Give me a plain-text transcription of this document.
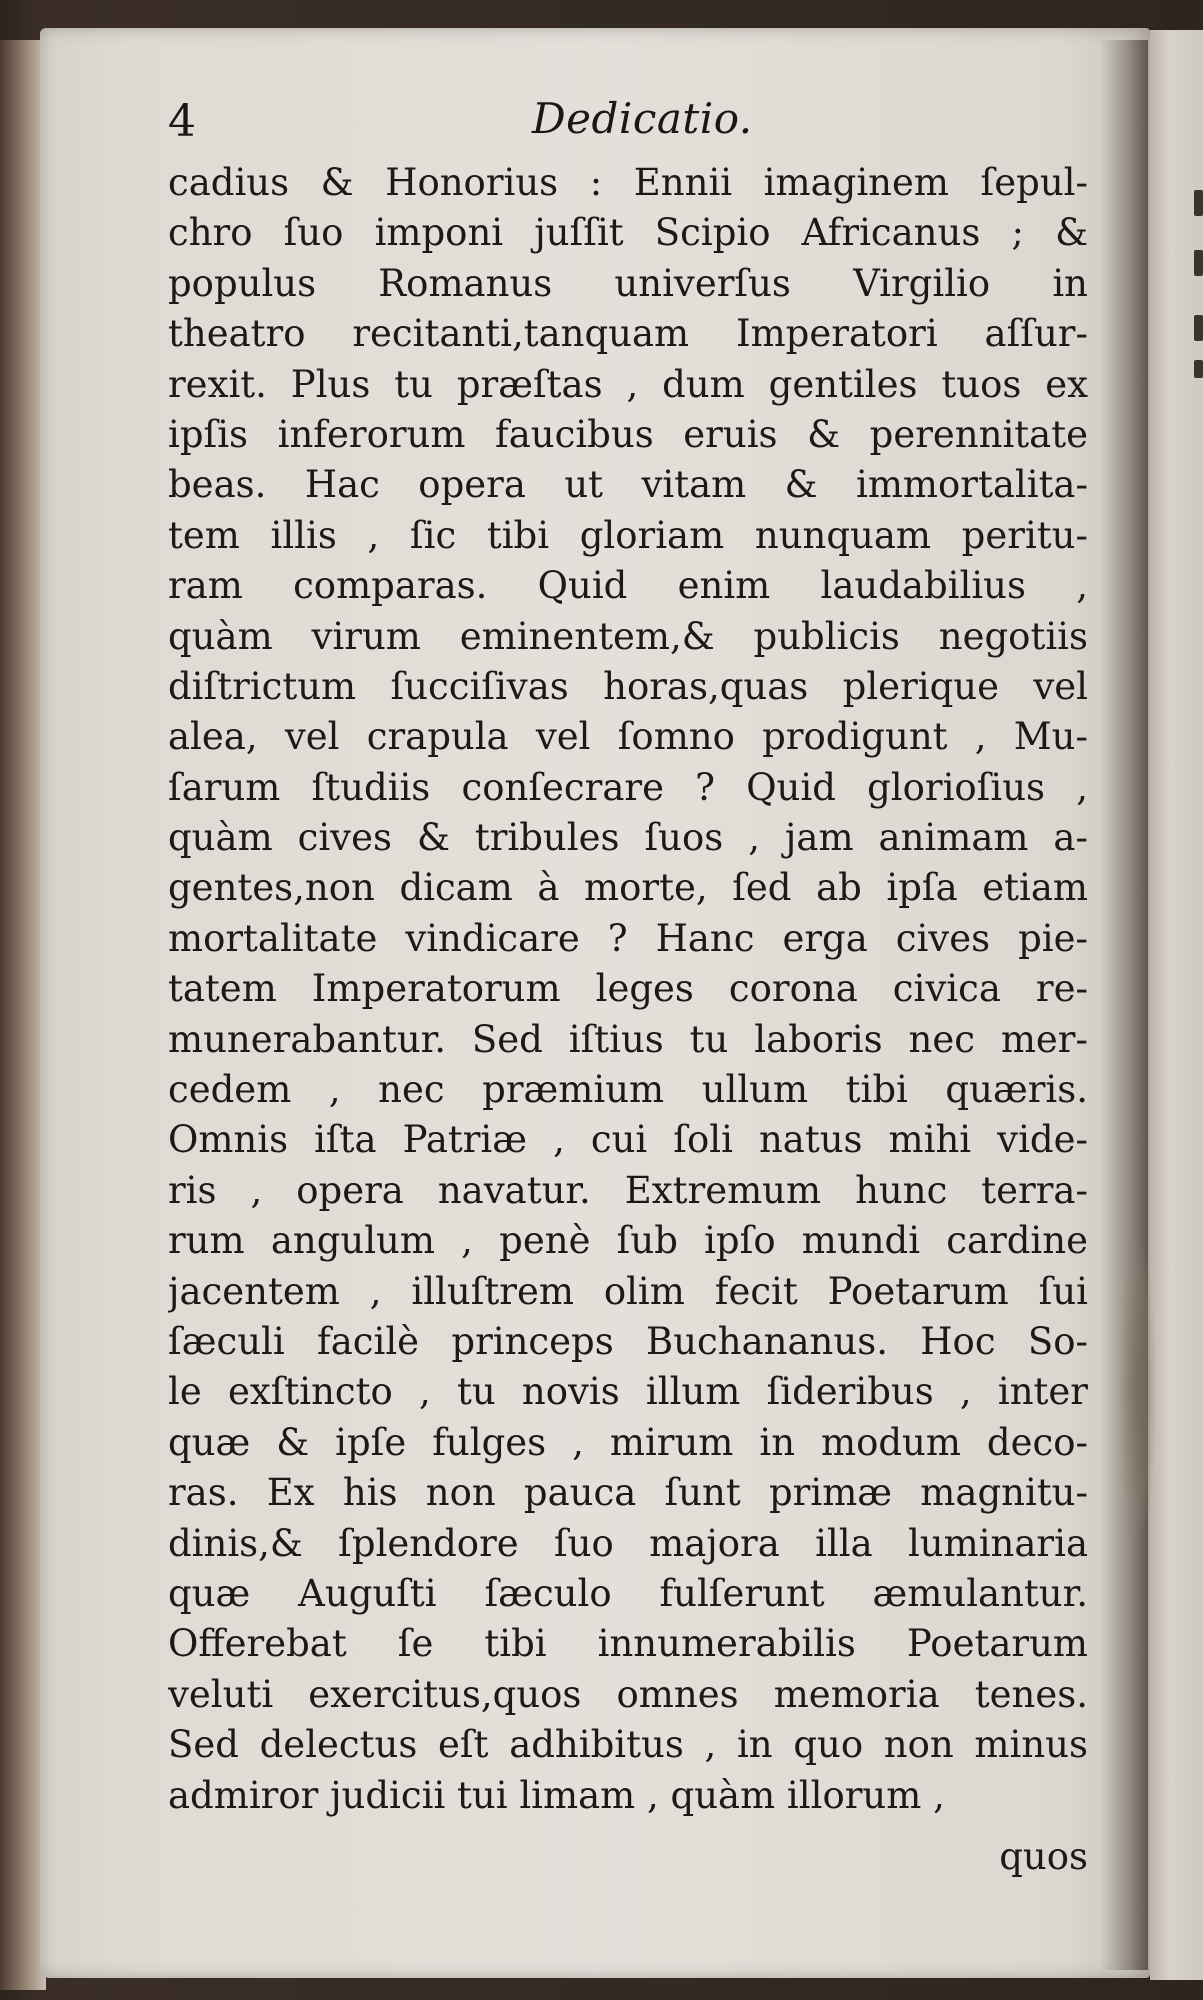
4	Dedicatio.
cadius & Honorius : Ennii imaginem ſepul-
chro ſuo imponi juſſit Scipio Africanus ; &
populus Romanus univerſus Virgilio in
theatro recitanti,tanquam Imperatori aſſur-
rexit. Plus tu præſtas , dum gentiles tuos ex
ipſis inferorum faucibus eruis & perennitate
beas. Hac opera ut vitam & immortalita-
tem illis , ſic tibi gloriam nunquam peritu-
ram comparas. Quid enim laudabilius ,
quàm virum eminentem,& publicis negotiis
diſtrictum ſucciſivas horas,quas plerique vel
alea, vel crapula vel ſomno prodigunt , Mu-
ſarum ſtudiis conſecrare ? Quid glorioſius ,
quàm cives & tribules ſuos , jam animam a-
gentes,non dicam à morte, ſed ab ipſa etiam
mortalitate vindicare ? Hanc erga cives pie-
tatem Imperatorum leges corona civica re-
munerabantur. Sed iſtius tu laboris nec mer-
cedem , nec præmium ullum tibi quæris.
Omnis iſta Patriæ , cui ſoli natus mihi vide-
ris , opera navatur. Extremum hunc terra-
rum angulum , penè ſub ipſo mundi cardine
jacentem , illuſtrem olim fecit Poetarum ſui
ſæculi facilè princeps Buchananus. Hoc So-
le exſtincto , tu novis illum ſideribus , inter
quæ & ipſe fulges , mirum in modum deco-
ras. Ex his non pauca ſunt primæ magnitu-
dinis,& ſplendore ſuo majora illa luminaria
quæ Auguſti ſæculo fulſerunt æmulantur.
Offerebat ſe tibi innumerabilis Poetarum
veluti exercitus,quos omnes memoria tenes.
Sed delectus eſt adhibitus , in quo non minus
admiror judicii tui limam , quàm illorum ,
quos
